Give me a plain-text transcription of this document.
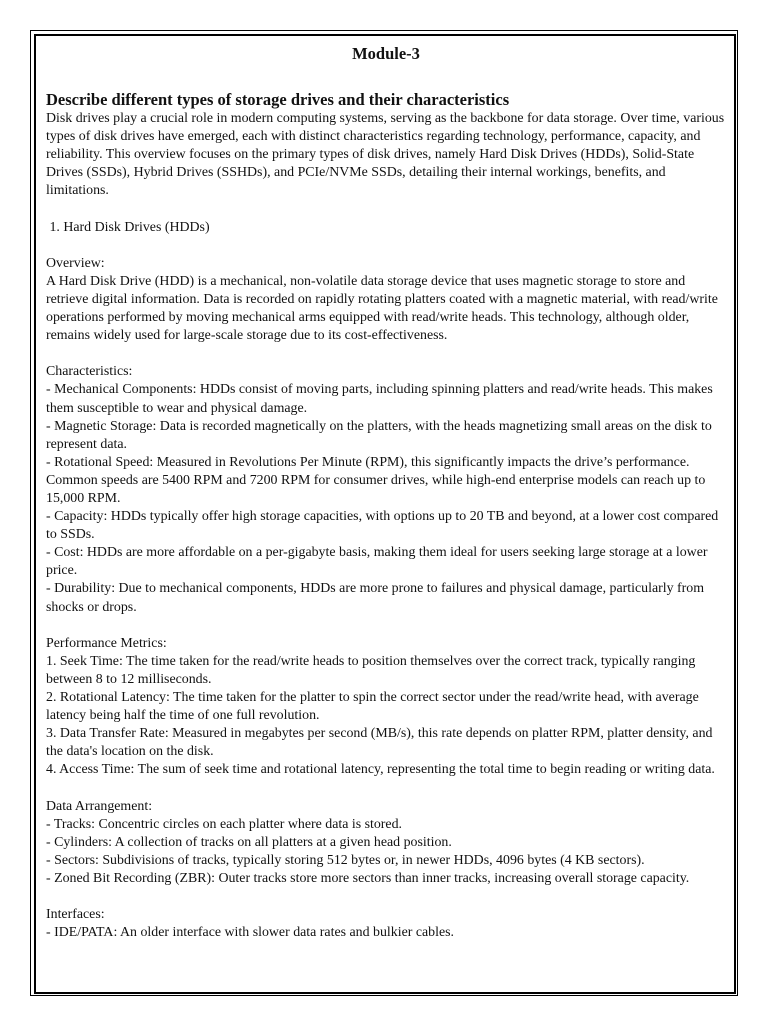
Module-3
Describe different types of storage drives and their characteristics

Disk drives play a crucial role in modern computing systems, serving as the backbone for data storage. Over time, various types of disk drives have emerged, each with distinct characteristics regarding technology, performance, capacity, and reliability. This overview focuses on the primary types of disk drives, namely Hard Disk Drives (HDDs), Solid-State Drives (SSDs), Hybrid Drives (SSHDs), and PCIe/NVMe SSDs, detailing their internal workings, benefits, and limitations.

1. Hard Disk Drives (HDDs)

Overview:

A Hard Disk Drive (HDD) is a mechanical, non-volatile data storage device that uses magnetic storage to store and retrieve digital information. Data is recorded on rapidly rotating platters coated with a magnetic material, with read/write operations performed by moving mechanical arms equipped with read/write heads. This technology, although older, remains widely used for large-scale storage due to its cost-effectiveness.

Characteristics:

- Mechanical Components: HDDs consist of moving parts, including spinning platters and read/write heads. This makes them susceptible to wear and physical damage.

- Magnetic Storage: Data is recorded magnetically on the platters, with the heads magnetizing small areas on the disk to represent data.

- Rotational Speed: Measured in Revolutions Per Minute (RPM), this significantly impacts the drive’s performance. Common speeds are 5400 RPM and 7200 RPM for consumer drives, while high-end enterprise models can reach up to 15,000 RPM.

- Capacity: HDDs typically offer high storage capacities, with options up to 20 TB and beyond, at a lower cost compared to SSDs.

- Cost: HDDs are more affordable on a per-gigabyte basis, making them ideal for users seeking large storage at a lower price.

- Durability: Due to mechanical components, HDDs are more prone to failures and physical damage, particularly from shocks or drops.

Performance Metrics:

1. Seek Time: The time taken for the read/write heads to position themselves over the correct track, typically ranging between 8 to 12 milliseconds.

2. Rotational Latency: The time taken for the platter to spin the correct sector under the read/write head, with average latency being half the time of one full revolution.

3. Data Transfer Rate: Measured in megabytes per second (MB/s), this rate depends on platter RPM, platter density, and the data's location on the disk.

4. Access Time: The sum of seek time and rotational latency, representing the total time to begin reading or writing data.

Data Arrangement:

- Tracks: Concentric circles on each platter where data is stored.

- Cylinders: A collection of tracks on all platters at a given head position.

- Sectors: Subdivisions of tracks, typically storing 512 bytes or, in newer HDDs, 4096 bytes (4 KB sectors).

- Zoned Bit Recording (ZBR): Outer tracks store more sectors than inner tracks, increasing overall storage capacity.

Interfaces:

- IDE/PATA: An older interface with slower data rates and bulkier cables.
